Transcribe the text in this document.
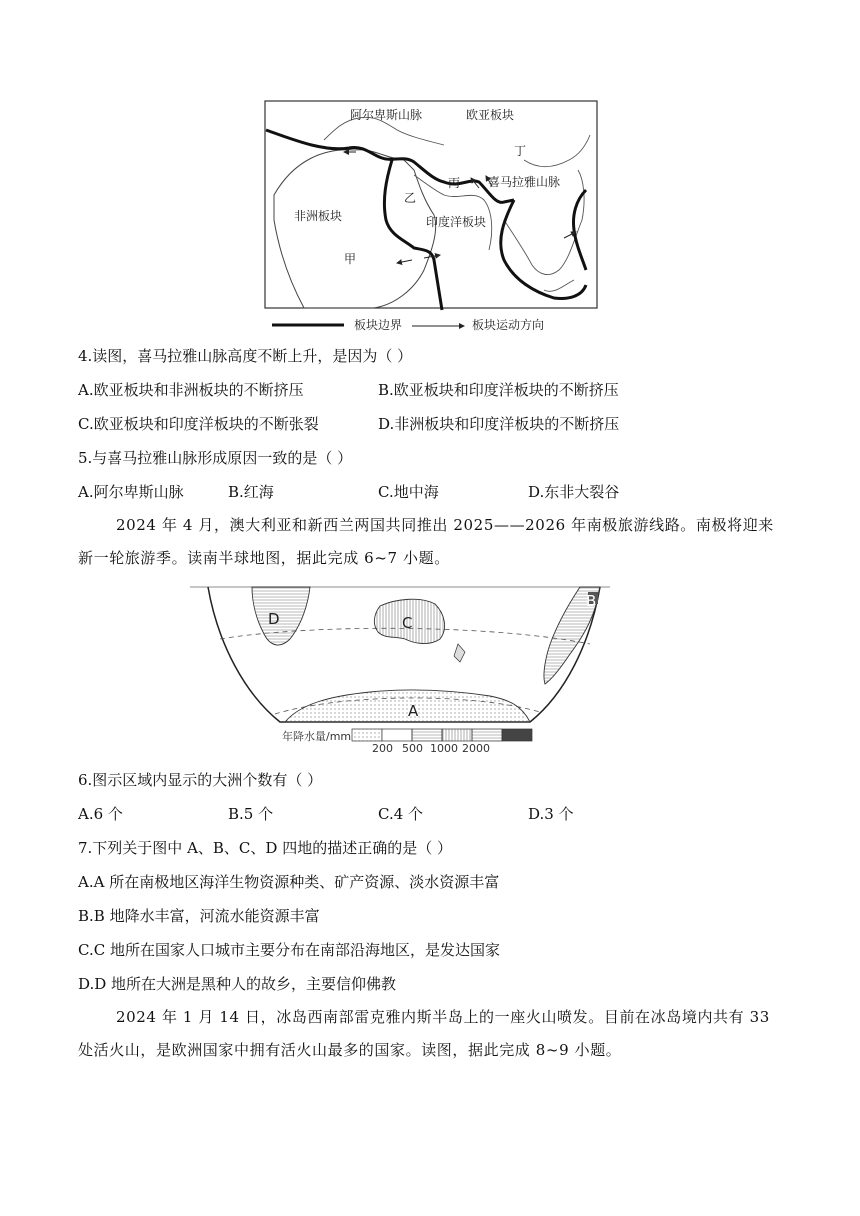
阿尔卑斯山脉	欧亚板块
丁
丙 喜马拉雅山脉
乙
非洲板块	印度洋板块
甲
板块边界	板块运动方向
4.读图，喜马拉雅山脉高度不断上升，是因为（ ）
A.欧亚板块和非洲板块的不断挤压	B.欧亚板块和印度洋板块的不断挤压
C.欧亚板块和印度洋板块的不断张裂	D.非洲板块和印度洋板块的不断挤压
5.与喜马拉雅山脉形成原因一致的是（ ）
A.阿尔卑斯山脉	B.红海	C.地中海	D.东非大裂谷
2024 年 4 月，澳大利亚和新西兰两国共同推出 2025——2026 年南极旅游线路。南极将迎来新一轮旅游季。读南半球地图，据此完成 6~7 小题。
D	C
B
A
年降水量/mm
200 500 1000 2000
6.图示区域内显示的大洲个数有（ ）
A.6 个	B.5 个	C.4 个	D.3 个
7.下列关于图中 A、B、C、D 四地的描述正确的是（ ）
A.A 所在南极地区海洋生物资源种类、矿产资源、淡水资源丰富
B.B 地降水丰富，河流水能资源丰富
C.C 地所在国家人口城市主要分布在南部沿海地区，是发达国家
D.D 地所在大洲是黑种人的故乡，主要信仰佛教
2024 年 1 月 14 日，冰岛西南部雷克雅内斯半岛上的一座火山喷发。目前在冰岛境内共有 33 处活火山，是欧洲国家中拥有活火山最多的国家。读图，据此完成 8~9 小题。
